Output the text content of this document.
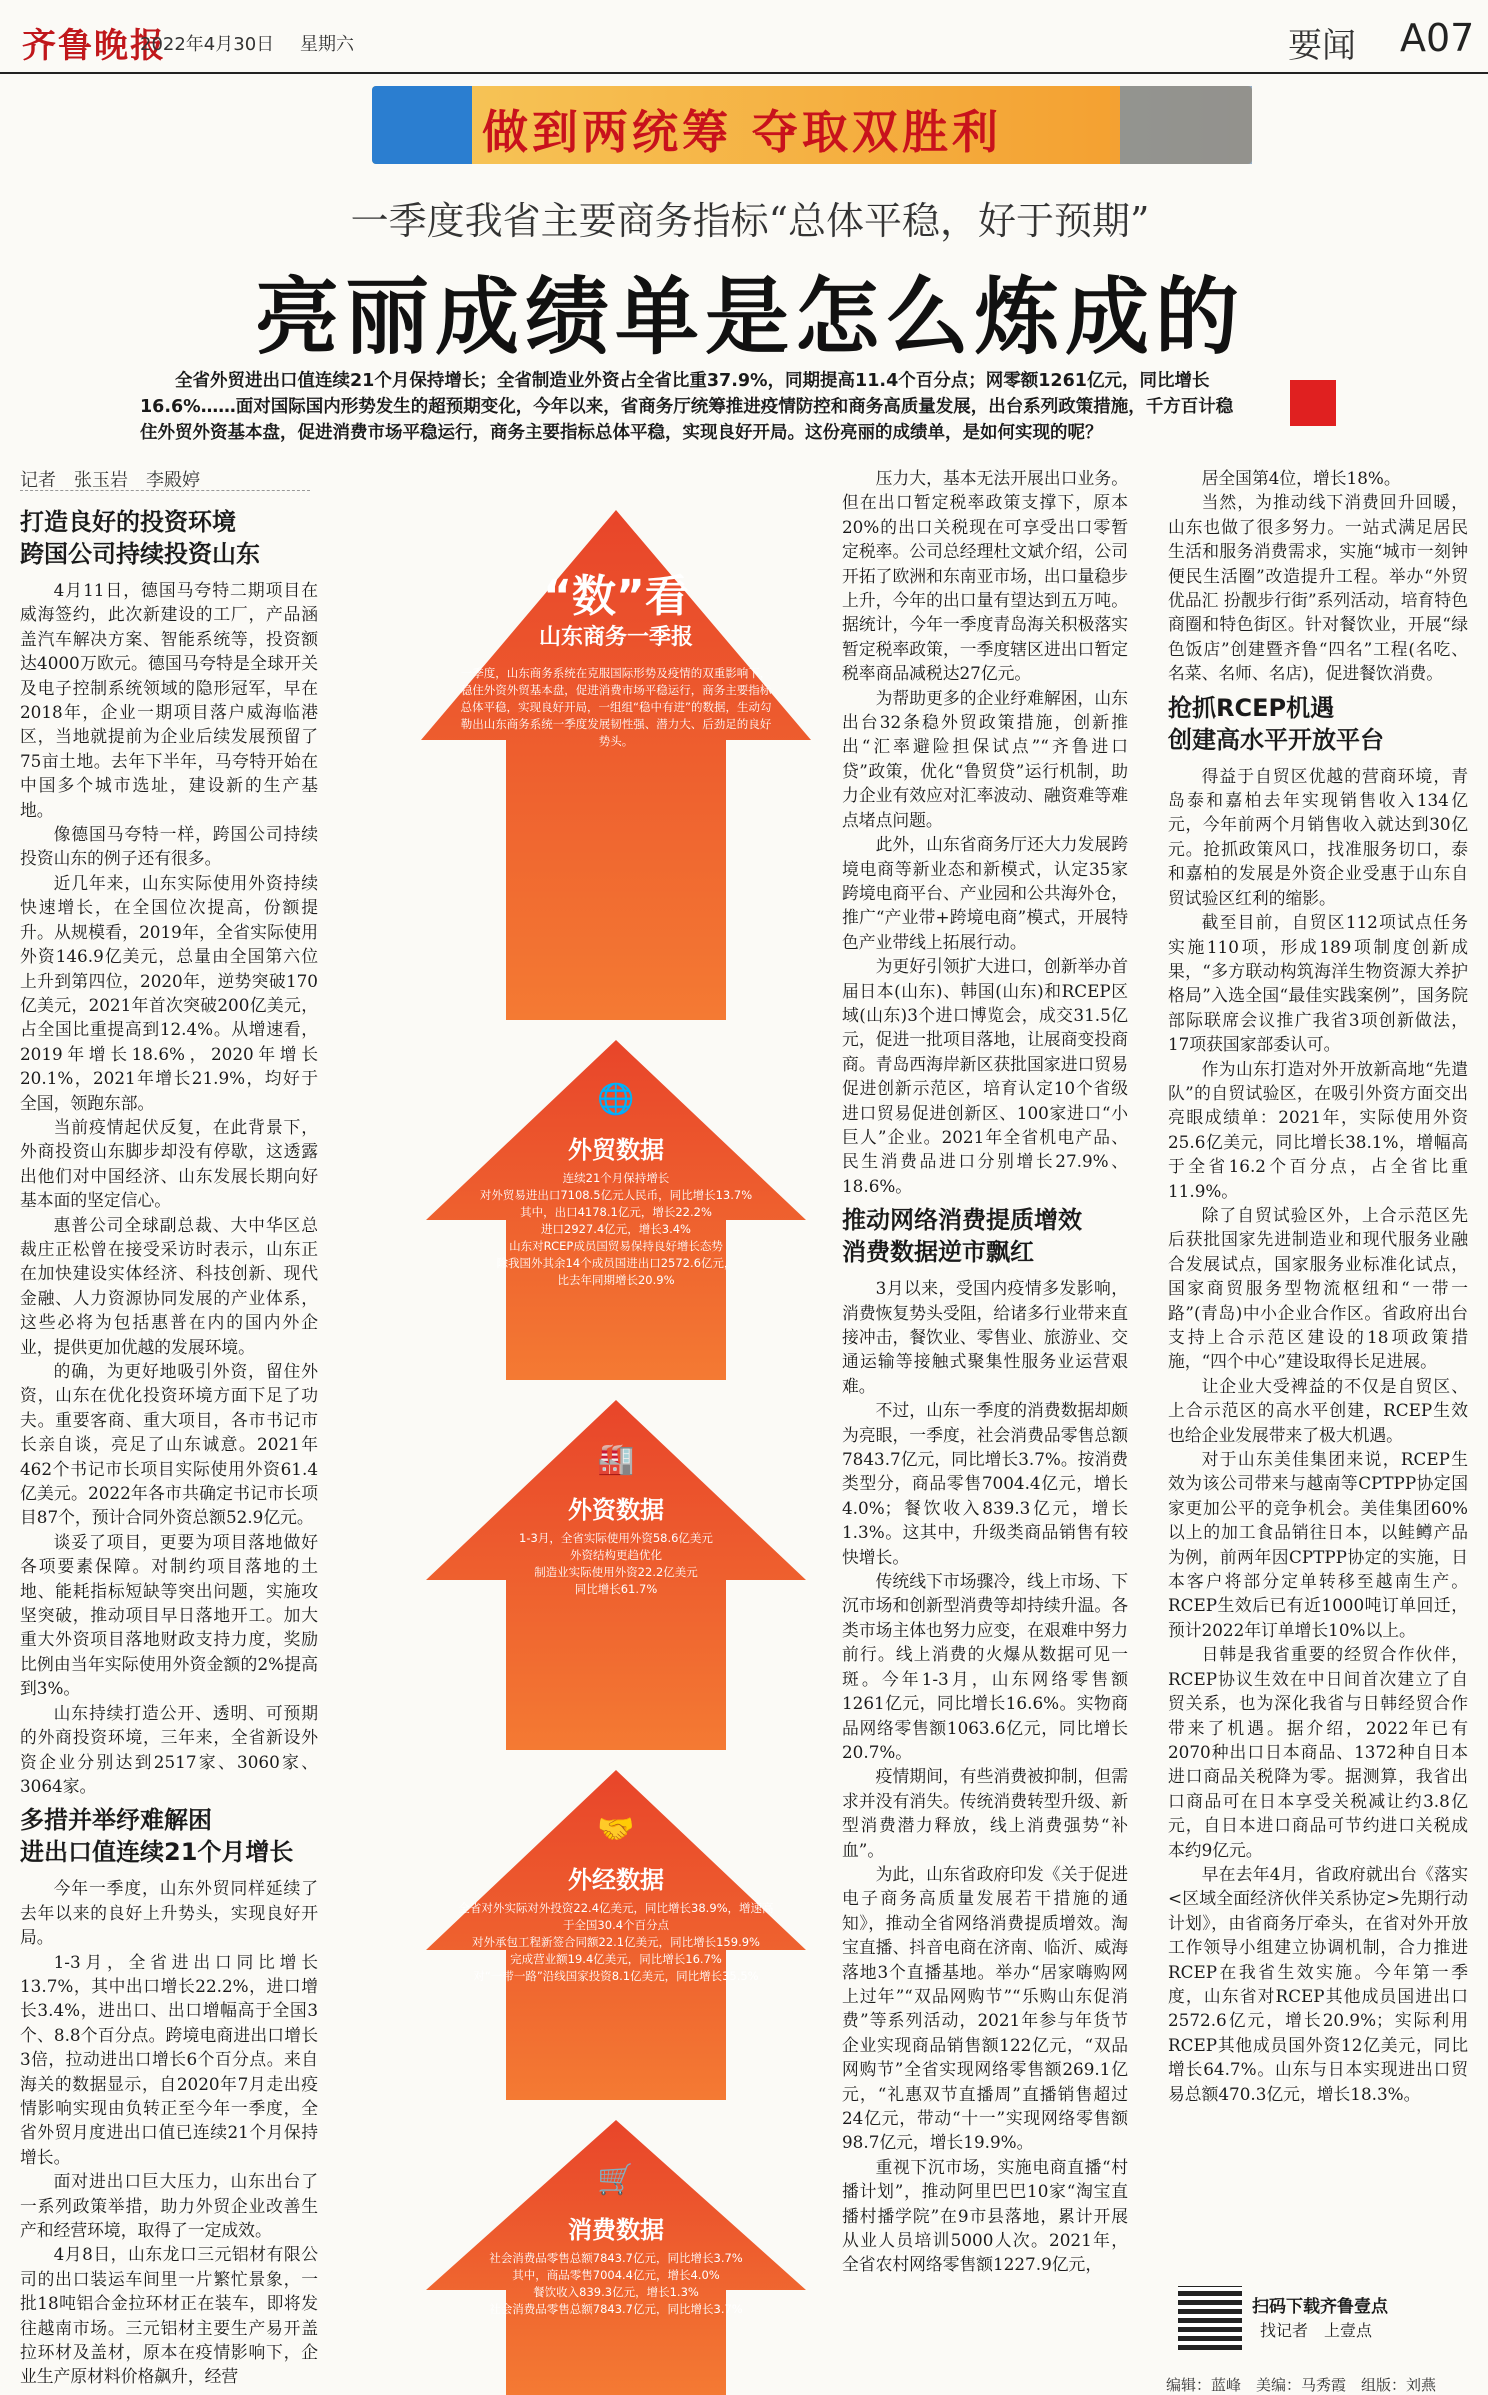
齐鲁晚报
2022年4月30日 星期六	要闻 A07
做到两统筹 夺取双胜利
一季度我省主要商务指标“总体平稳，好于预期”
亮丽成绩单是怎么炼成的
全省外贸进出口值连续21个月保持增长；全省制造业外资占全省比重37.9%，同期提高11.4个百分点；网零额1261亿元，同比增长16.6%……面对国际国内形势发生的超预期变化，今年以来，省商务厅统筹推进疫情防控和商务高质量发展，出台系列政策措施，千方百计稳住外贸外资基本盘，促进消费市场平稳运行，商务主要指标总体平稳，实现良好开局。这份亮丽的成绩单，是如何实现的呢？
记者　张玉岩　李殿婷
打造良好的投资环境
跨国公司持续投资山东

4月11日，德国马夸特二期项目在威海签约，此次新建设的工厂，产品涵盖汽车解决方案、智能系统等，投资额达4000万欧元。德国马夸特是全球开关及电子控制系统领域的隐形冠军，早在2018年，企业一期项目落户威海临港区，当地就提前为企业后续发展预留了75亩土地。去年下半年，马夸特开始在中国多个城市选址，建设新的生产基地。

像德国马夸特一样，跨国公司持续投资山东的例子还有很多。

近几年来，山东实际使用外资持续快速增长，在全国位次提高，份额提升。从规模看，2019年，全省实际使用外资146.9亿美元，总量由全国第六位上升到第四位，2020年，逆势突破170亿美元，2021年首次突破200亿美元，占全国比重提高到12.4%。从增速看，2019年增长18.6%，2020年增长20.1%，2021年增长21.9%，均好于全国，领跑东部。

当前疫情起伏反复，在此背景下，外商投资山东脚步却没有停歇，这透露出他们对中国经济、山东发展长期向好基本面的坚定信心。

惠普公司全球副总裁、大中华区总裁庄正松曾在接受采访时表示，山东正在加快建设实体经济、科技创新、现代金融、人力资源协同发展的产业体系，这些必将为包括惠普在内的国内外企业，提供更加优越的发展环境。

的确，为更好地吸引外资，留住外资，山东在优化投资环境方面下足了功夫。重要客商、重大项目，各市书记市长亲自谈，亮足了山东诚意。2021年462个书记市长项目实际使用外资61.4亿美元。2022年各市共确定书记市长项目87个，预计合同外资总额52.9亿元。

谈妥了项目，更要为项目落地做好各项要素保障。对制约项目落地的土地、能耗指标短缺等突出问题，实施攻坚突破，推动项目早日落地开工。加大重大外资项目落地财政支持力度，奖励比例由当年实际使用外资金额的2%提高到3%。

山东持续打造公开、透明、可预期的外商投资环境，三年来，全省新设外资企业分别达到2517家、3060家、3064家。

多措并举纾难解困
进出口值连续21个月增长

今年一季度，山东外贸同样延续了去年以来的良好上升势头，实现良好开局。

1-3月，全省进出口同比增长13.7%，其中出口增长22.2%，进口增长3.4%，进出口、出口增幅高于全国3个、8.8个百分点。跨境电商进出口增长3倍，拉动进出口增长6个百分点。来自海关的数据显示，自2020年7月走出疫情影响实现由负转正至今年一季度，全省外贸月度进出口值已连续21个月保持增长。

面对进出口巨大压力，山东出台了一系列政策举措，助力外贸企业改善生产和经营环境，取得了一定成效。

4月8日，山东龙口三元铝材有限公司的出口装运车间里一片繁忙景象，一批18吨铝合金拉环材正在装车，即将发往越南市场。三元铝材主要生产易开盖拉环材及盖材，原本在疫情影响下，企业生产原材料价格飙升，经营

“数”看
山东商务一季报
一季度，山东商务系统在克服国际形势及疫情的双重影响下，稳住外资外贸基本盘，促进消费市场平稳运行，商务主要指标总体平稳，实现良好开局，一组组“稳中有进”的数据，生动勾勒出山东商务系统一季度发展韧性强、潜力大、后劲足的良好势头。
🌐
外贸数据
连续21个月保持增长
对外贸易进出口7108.5亿元人民币，同比增长13.7%
其中，出口4178.1亿元，增长22.2%
进口2927.4亿元，增长3.4%
山东对RCEP成员国贸易保持良好增长态势
除我国外其余14个成员国进出口2572.6亿元，
比去年同期增长20.9%
🏭
外资数据
1-3月，全省实际使用外资58.6亿美元
外资结构更趋优化
制造业实际使用外资22.2亿美元
同比增长61.7%
🤝
外经数据
全省对外实际对外投资22.4亿美元，同比增长38.9%，增速高于全国30.4个百分点
对外承包工程新签合同额22.1亿美元，同比增长159.9%
完成营业额19.4亿美元，同比增长16.7%
对“一带一路”沿线国家投资8.1亿美元，同比增长35.5%
🛒
消费数据
社会消费品零售总额7843.7亿元，同比增长3.7%
其中，商品零售7004.4亿元，增长4.0%
餐饮收入839.3亿元，增长1.3%
社会消费品零售总额7843.7亿元，同比增长3.7%

压力大，基本无法开展出口业务。但在出口暂定税率政策支撑下，原本20%的出口关税现在可享受出口零暂定税率。公司总经理杜文斌介绍，公司开拓了欧洲和东南亚市场，出口量稳步上升，今年的出口量有望达到五万吨。据统计，今年一季度青岛海关积极落实暂定税率政策，一季度辖区进出口暂定税率商品减税达27亿元。

为帮助更多的企业纾难解困，山东出台32条稳外贸政策措施，创新推出“汇率避险担保试点”“齐鲁进口贷”政策，优化“鲁贸贷”运行机制，助力企业有效应对汇率波动、融资难等难点堵点问题。

此外，山东省商务厅还大力发展跨境电商等新业态和新模式，认定35家跨境电商平台、产业园和公共海外仓，推广“产业带+跨境电商”模式，开展特色产业带线上拓展行动。

为更好引领扩大进口，创新举办首届日本(山东)、韩国(山东)和RCEP区域(山东)3个进口博览会，成交31.5亿元，促进一批项目落地，让展商变投商商。青岛西海岸新区获批国家进口贸易促进创新示范区，培育认定10个省级进口贸易促进创新区、100家进口“小巨人”企业。2021年全省机电产品、民生消费品进口分别增长27.9%、18.6%。

推动网络消费提质增效
消费数据逆市飘红

3月以来，受国内疫情多发影响，消费恢复势头受阻，给诸多行业带来直接冲击，餐饮业、零售业、旅游业、交通运输等接触式聚集性服务业运营艰难。

不过，山东一季度的消费数据却颇为亮眼，一季度，社会消费品零售总额7843.7亿元，同比增长3.7%。按消费类型分，商品零售7004.4亿元，增长4.0%；餐饮收入839.3亿元，增长1.3%。这其中，升级类商品销售有较快增长。

传统线下市场骤冷，线上市场、下沉市场和创新型消费等却持续升温。各类市场主体也努力应变，在艰难中努力前行。线上消费的火爆从数据可见一斑。今年1-3月，山东网络零售额1261亿元，同比增长16.6%。实物商品网络零售额1063.6亿元，同比增长20.7%。

疫情期间，有些消费被抑制，但需求并没有消失。传统消费转型升级、新型消费潜力释放，线上消费强势“补血”。

为此，山东省政府印发《关于促进电子商务高质量发展若干措施的通知》，推动全省网络消费提质增效。淘宝直播、抖音电商在济南、临沂、威海落地3个直播基地。举办“居家嗨购网上过年”“双品网购节”“乐购山东促消费”等系列活动，2021年参与年货节企业实现商品销售额122亿元，“双品网购节”全省实现网络零售额269.1亿元，“礼惠双节直播周”直播销售超过24亿元，带动“十一”实现网络零售额98.7亿元，增长19.9%。

重视下沉市场，实施电商直播“村播计划”，推动阿里巴巴10家“淘宝直播村播学院”在9市县落地，累计开展从业人员培训5000人次。2021年，全省农村网络零售额1227.9亿元，

居全国第4位，增长18%。

当然，为推动线下消费回升回暖，山东也做了很多努力。一站式满足居民生活和服务消费需求，实施“城市一刻钟便民生活圈”改造提升工程。举办“外贸优品汇 扮靓步行街”系列活动，培育特色商圈和特色街区。针对餐饮业，开展“绿色饭店”创建暨齐鲁“四名”工程(名吃、名菜、名师、名店)，促进餐饮消费。

抢抓RCEP机遇
创建高水平开放平台

得益于自贸区优越的营商环境，青岛泰和嘉柏去年实现销售收入134亿元，今年前两个月销售收入就达到30亿元。抢抓政策风口，找准服务切口，泰和嘉柏的发展是外资企业受惠于山东自贸试验区红利的缩影。

截至目前，自贸区112项试点任务实施110项，形成189项制度创新成果，“多方联动构筑海洋生物资源大养护格局”入选全国“最佳实践案例”，国务院部际联席会议推广我省3项创新做法，17项获国家部委认可。

作为山东打造对外开放新高地“先遣队”的自贸试验区，在吸引外资方面交出亮眼成绩单：2021年，实际使用外资25.6亿美元，同比增长38.1%，增幅高于全省16.2个百分点，占全省比重11.9%。

除了自贸试验区外，上合示范区先后获批国家先进制造业和现代服务业融合发展试点，国家服务业标准化试点，国家商贸服务型物流枢纽和“一带一路”(青岛)中小企业合作区。省政府出台支持上合示范区建设的18项政策措施，“四个中心”建设取得长足进展。

让企业大受裨益的不仅是自贸区、上合示范区的高水平创建，RCEP生效也给企业发展带来了极大机遇。

对于山东美佳集团来说，RCEP生效为该公司带来与越南等CPTPP协定国家更加公平的竞争机会。美佳集团60%以上的加工食品销往日本，以鲑鳟产品为例，前两年因CPTPP协定的实施，日本客户将部分定单转移至越南生产。RCEP生效后已有近1000吨订单回迁，预计2022年订单增长10%以上。

日韩是我省重要的经贸合作伙伴，RCEP协议生效在中日间首次建立了自贸关系，也为深化我省与日韩经贸合作带来了机遇。据介绍，2022年已有2070种出口日本商品、1372种自日本进口商品关税降为零。据测算，我省出口商品可在日本享受关税减让约3.8亿元，自日本进口商品可节约进口关税成本约9亿元。

早在去年4月，省政府就出台《落实<区域全面经济伙伴关系协定>先期行动计划》，由省商务厅牵头，在省对外开放工作领导小组建立协调机制，合力推进RCEP在我省生效实施。今年第一季度，山东省对RCEP其他成员国进出口2572.6亿元，增长20.9%；实际利用RCEP其他成员国外资12亿美元，同比增长64.7%。山东与日本实现进出口贸易总额470.3亿元，增长18.3%。

扫码下载齐鲁壹点
找记者　上壹点
编辑：蓝峰　美编：马秀霞　组版：刘燕
